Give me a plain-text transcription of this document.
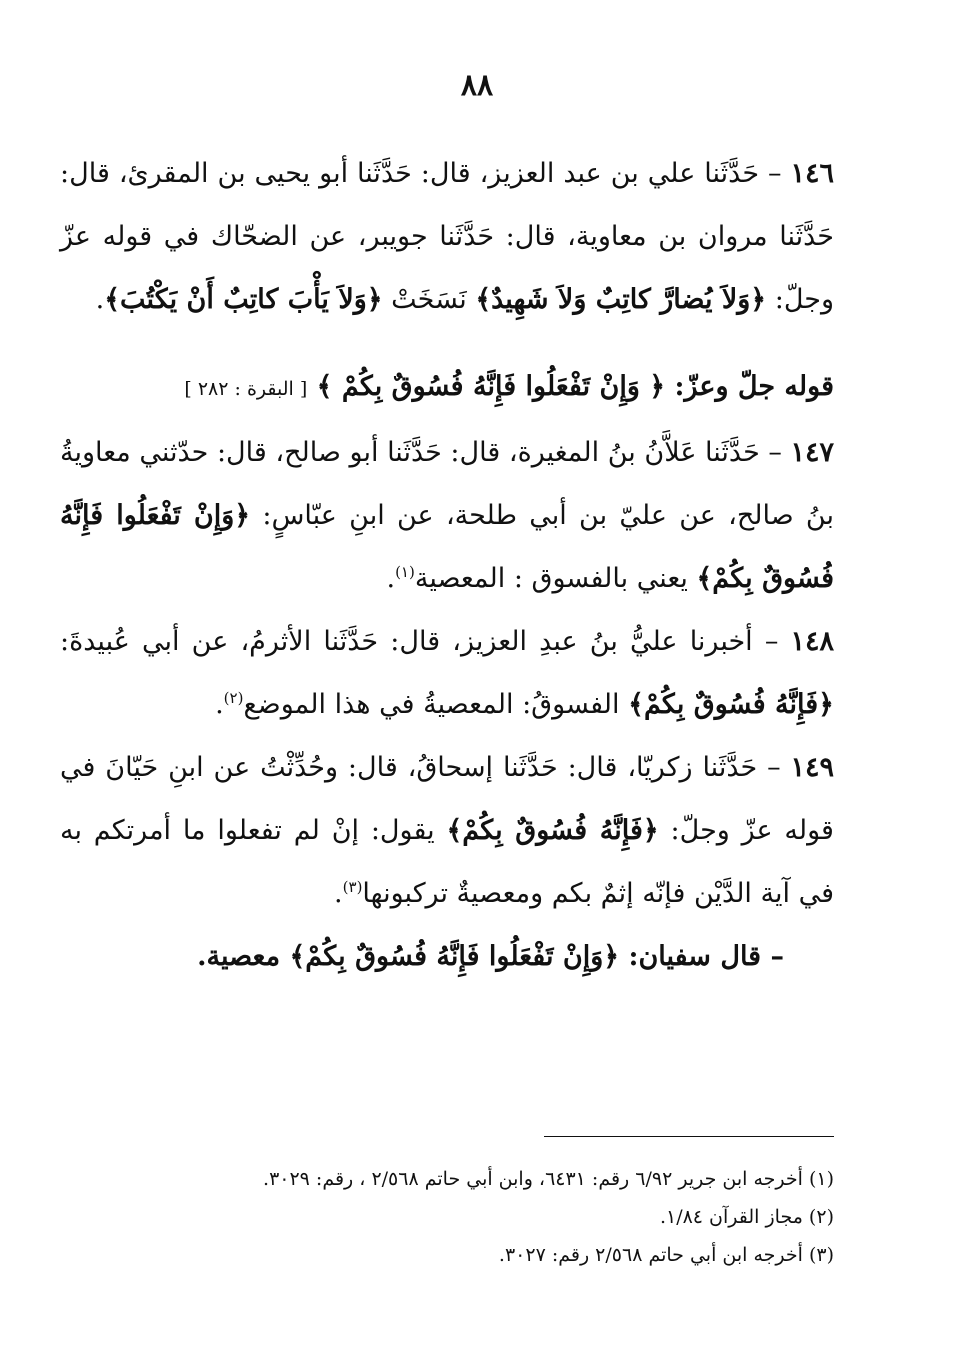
٨٨

١٤٦ – حَدَّثَنا علي بن عبد العزيز، قال: حَدَّثَنا أبو يحيى بن المقرئ، قال: حَدَّثَنا مروان بن معاوية، قال: حَدَّثَنا جويبر، عن الضحّاك في قوله عزّ وجلّ: ﴿وَلاَ يُضارَّ كاتِبٌ وَلاَ شَهِيدٌ﴾ نَسَخَتْ ﴿وَلاَ يَأْبَ كاتِبٌ أَنْ يَكْتُبَ﴾.

قوله جلّ وعزّ: ﴿ وَإِنْ تَفْعَلُوا فَإِنَّهُ فُسُوقٌ بِكُمْ ﴾ [ البقرة : ٢٨٢ ]

١٤٧ – حَدَّثَنا عَلاَّنُ بنُ المغيرة، قال: حَدَّثَنا أبو صالح، قال: حدّثني معاويةُ بنُ صالح، عن عليّ بن أبي طلحة، عن ابنِ عبّاسٍ: ﴿وَإِنْ تَفْعَلُوا فَإِنَّهُ فُسُوقٌ بِكُمْ﴾ يعني بالفسوق : المعصية$^{(١)}$.

١٤٨ – أخبرنا عليُّ بنُ عبدِ العزيز، قال: حَدَّثَنا الأثرمُ، عن أبي عُبيدةَ: ﴿فَإِنَّهُ فُسُوقٌ بِكُمْ﴾ الفسوقُ: المعصيةُ في هذا الموضع$^{(٢)}$.

١٤٩ – حَدَّثَنا زكريّا، قال: حَدَّثَنا إسحاقُ، قال: وحُدِّثْتُ عن ابنِ حَيّانَ في قوله عزّ وجلّ: ﴿فَإِنَّهُ فُسُوقٌ بِكُمْ﴾ يقول: إنْ لم تفعلوا ما أمرتكم به في آية الدَّيْن فإنّه إثمٌ بكم ومعصيةٌ تركبونها$^{(٣)}$.

– قال سفيان: ﴿وَإِنْ تَفْعَلُوا فَإِنَّهُ فُسُوقٌ بِكُمْ﴾ معصية.

(١) أخرجه ابن جرير ٦/٩٢ رقم: ٦٤٣١، وابن أبي حاتم ٢/٥٦٨ ، رقم: ٣٠٢٩.
(٢) مجاز القرآن ١/٨٤.
(٣) أخرجه ابن أبي حاتم ٢/٥٦٨ رقم: ٣٠٢٧.
